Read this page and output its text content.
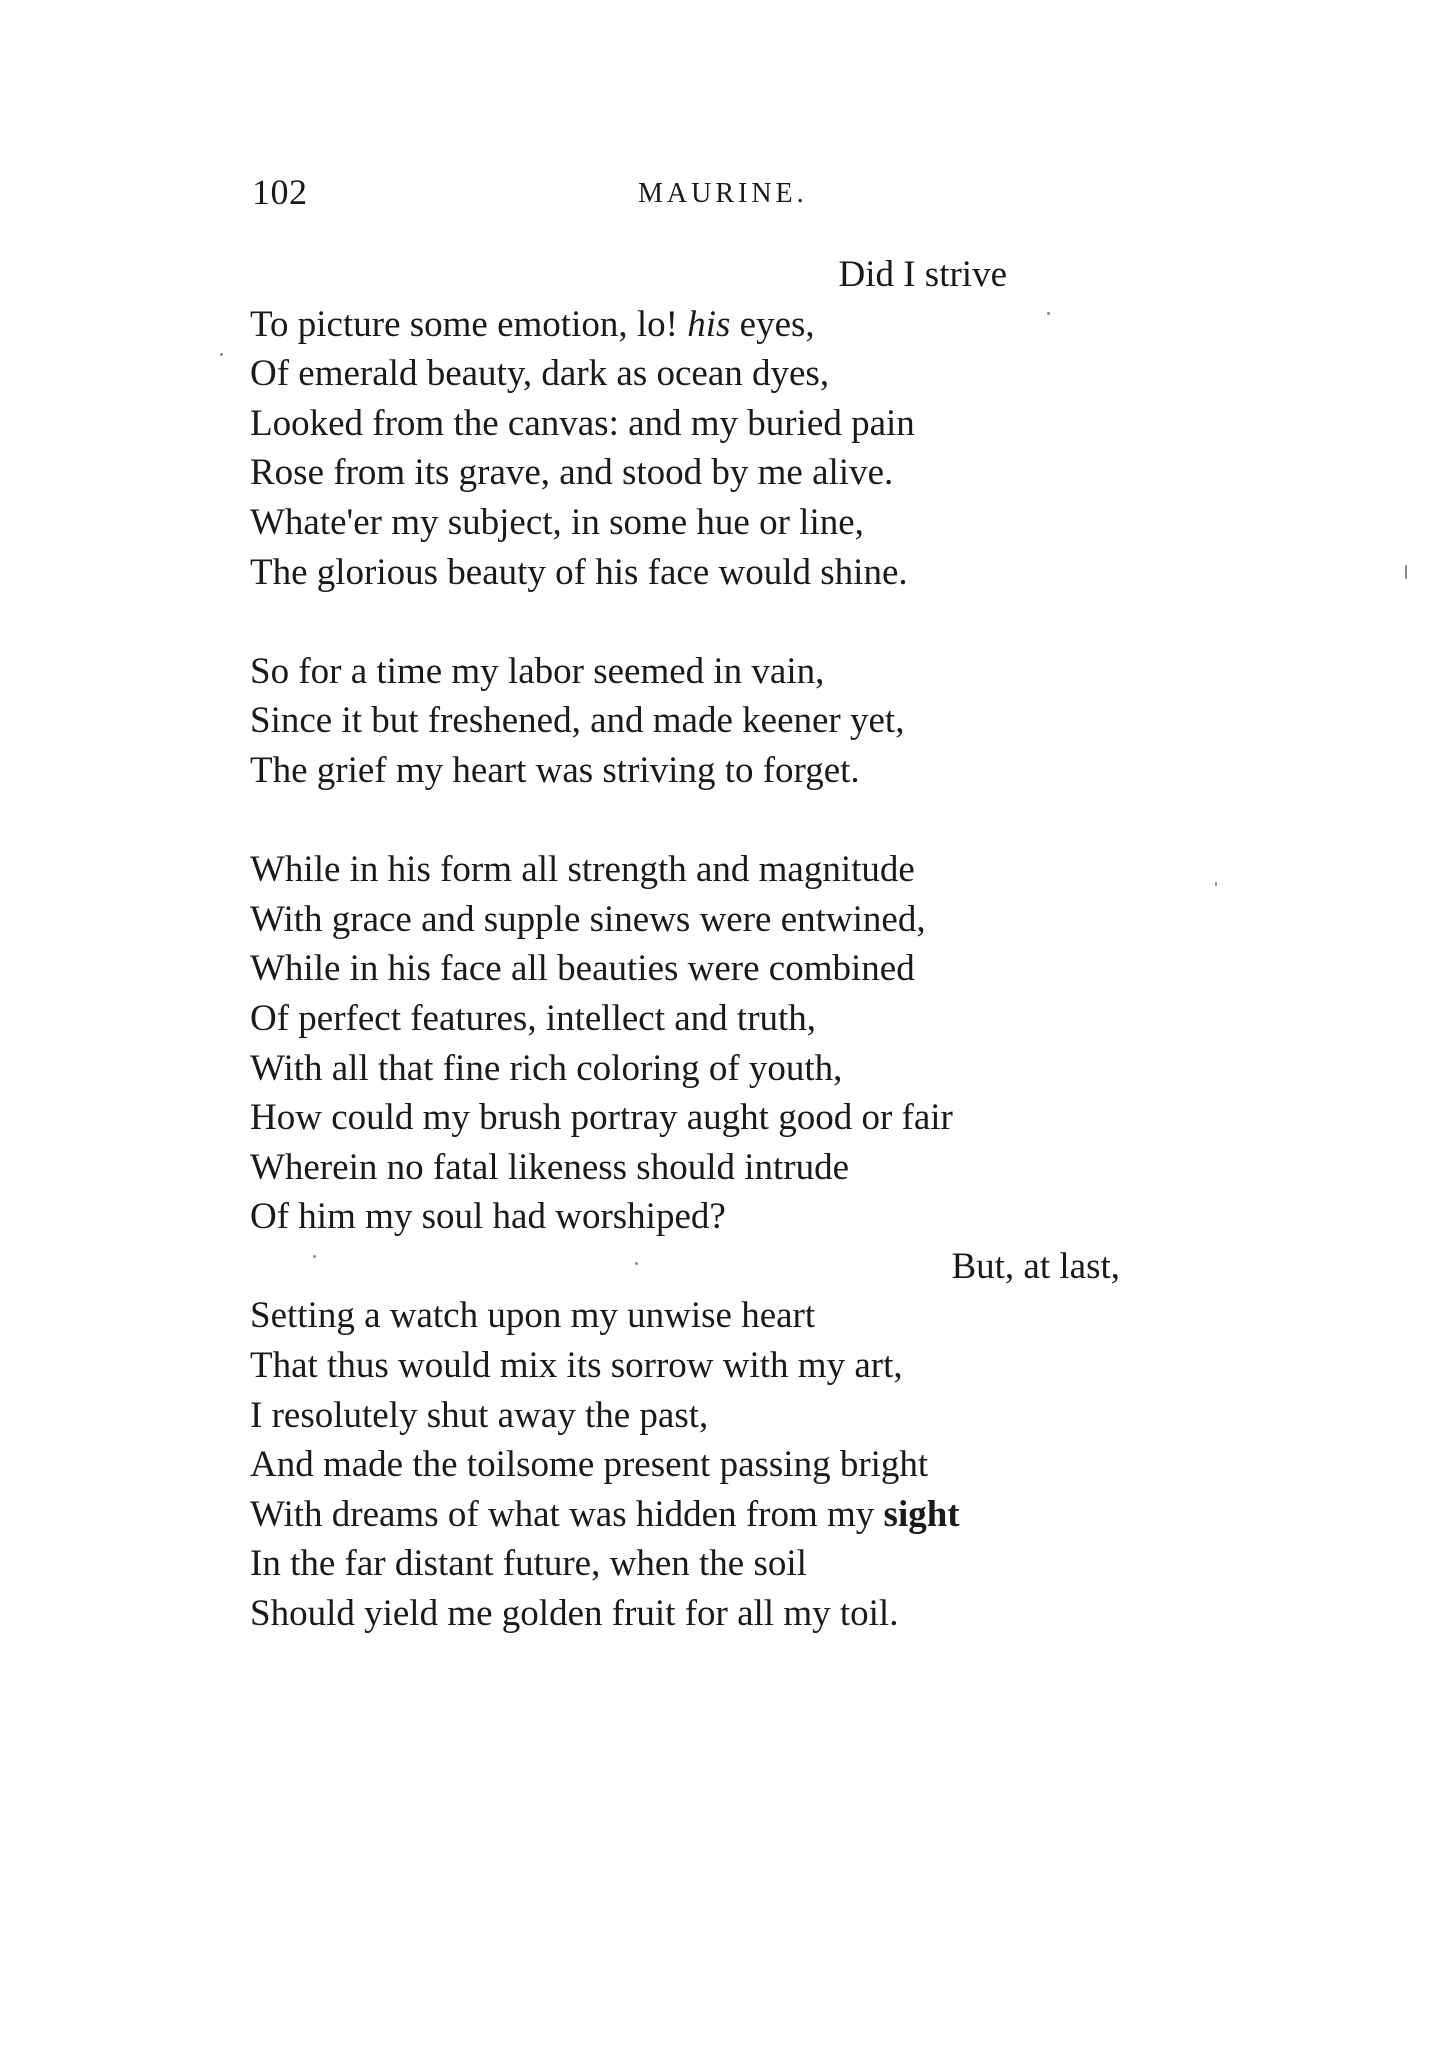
102	MAURINE.
Did I strive
To picture some emotion, lo! his eyes,
Of emerald beauty, dark as ocean dyes,
Looked from the canvas: and my buried pain
Rose from its grave, and stood by me alive.
Whate'er my subject, in some hue or line,
The glorious beauty of his face would shine.
So for a time my labor seemed in vain,
Since it but freshened, and made keener yet,
The grief my heart was striving to forget.
While in his form all strength and magnitude
With grace and supple sinews were entwined,
While in his face all beauties were combined
Of perfect features, intellect and truth,
With all that fine rich coloring of youth,
How could my brush portray aught good or fair
Wherein no fatal likeness should intrude
Of him my soul had worshiped?
But, at last,
Setting a watch upon my unwise heart
That thus would mix its sorrow with my art,
I resolutely shut away the past,
And made the toilsome present passing bright
With dreams of what was hidden from my sight
In the far distant future, when the soil
Should yield me golden fruit for all my toil.
